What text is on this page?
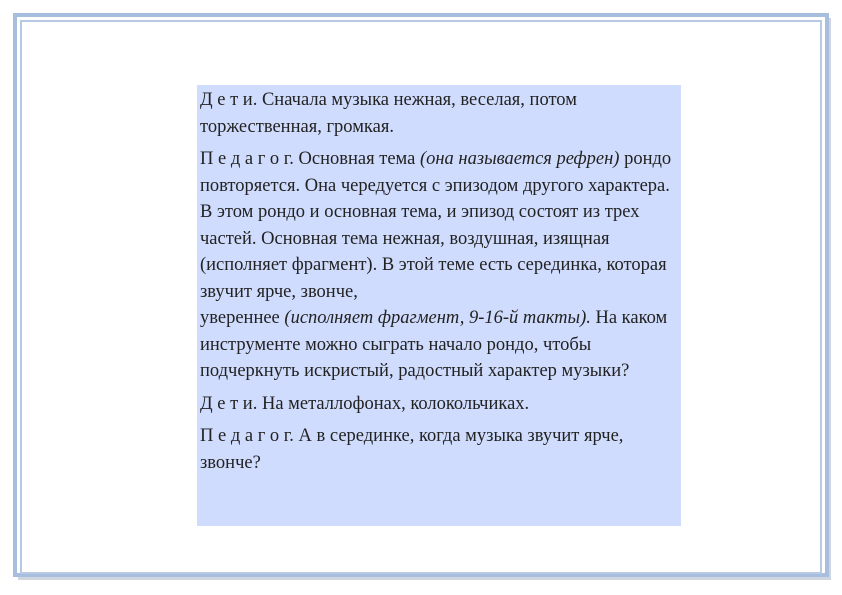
Д е т и. Сначала музыка нежная, веселая, потом торжественная, громкая.

П е д а г о г. Основная тема (она называется рефрен) рондо повторяется. Она чередуется с эпизодом другого характера. В этом рондо и основная тема, и эпизод состоят из трех частей. Основная тема нежная, воздушная, изящная (исполняет фрагмент). В этой теме есть серединка, которая звучит ярче, звонче,
увереннее (исполняет фрагмент, 9-16-й такты). На каком инструменте можно сыграть начало рондо, чтобы подчеркнуть искристый, радостный характер музыки?

Д е т и. На металлофонах, колокольчиках.

П е д а г о г. А в серединке, когда музыка звучит ярче, звонче?
